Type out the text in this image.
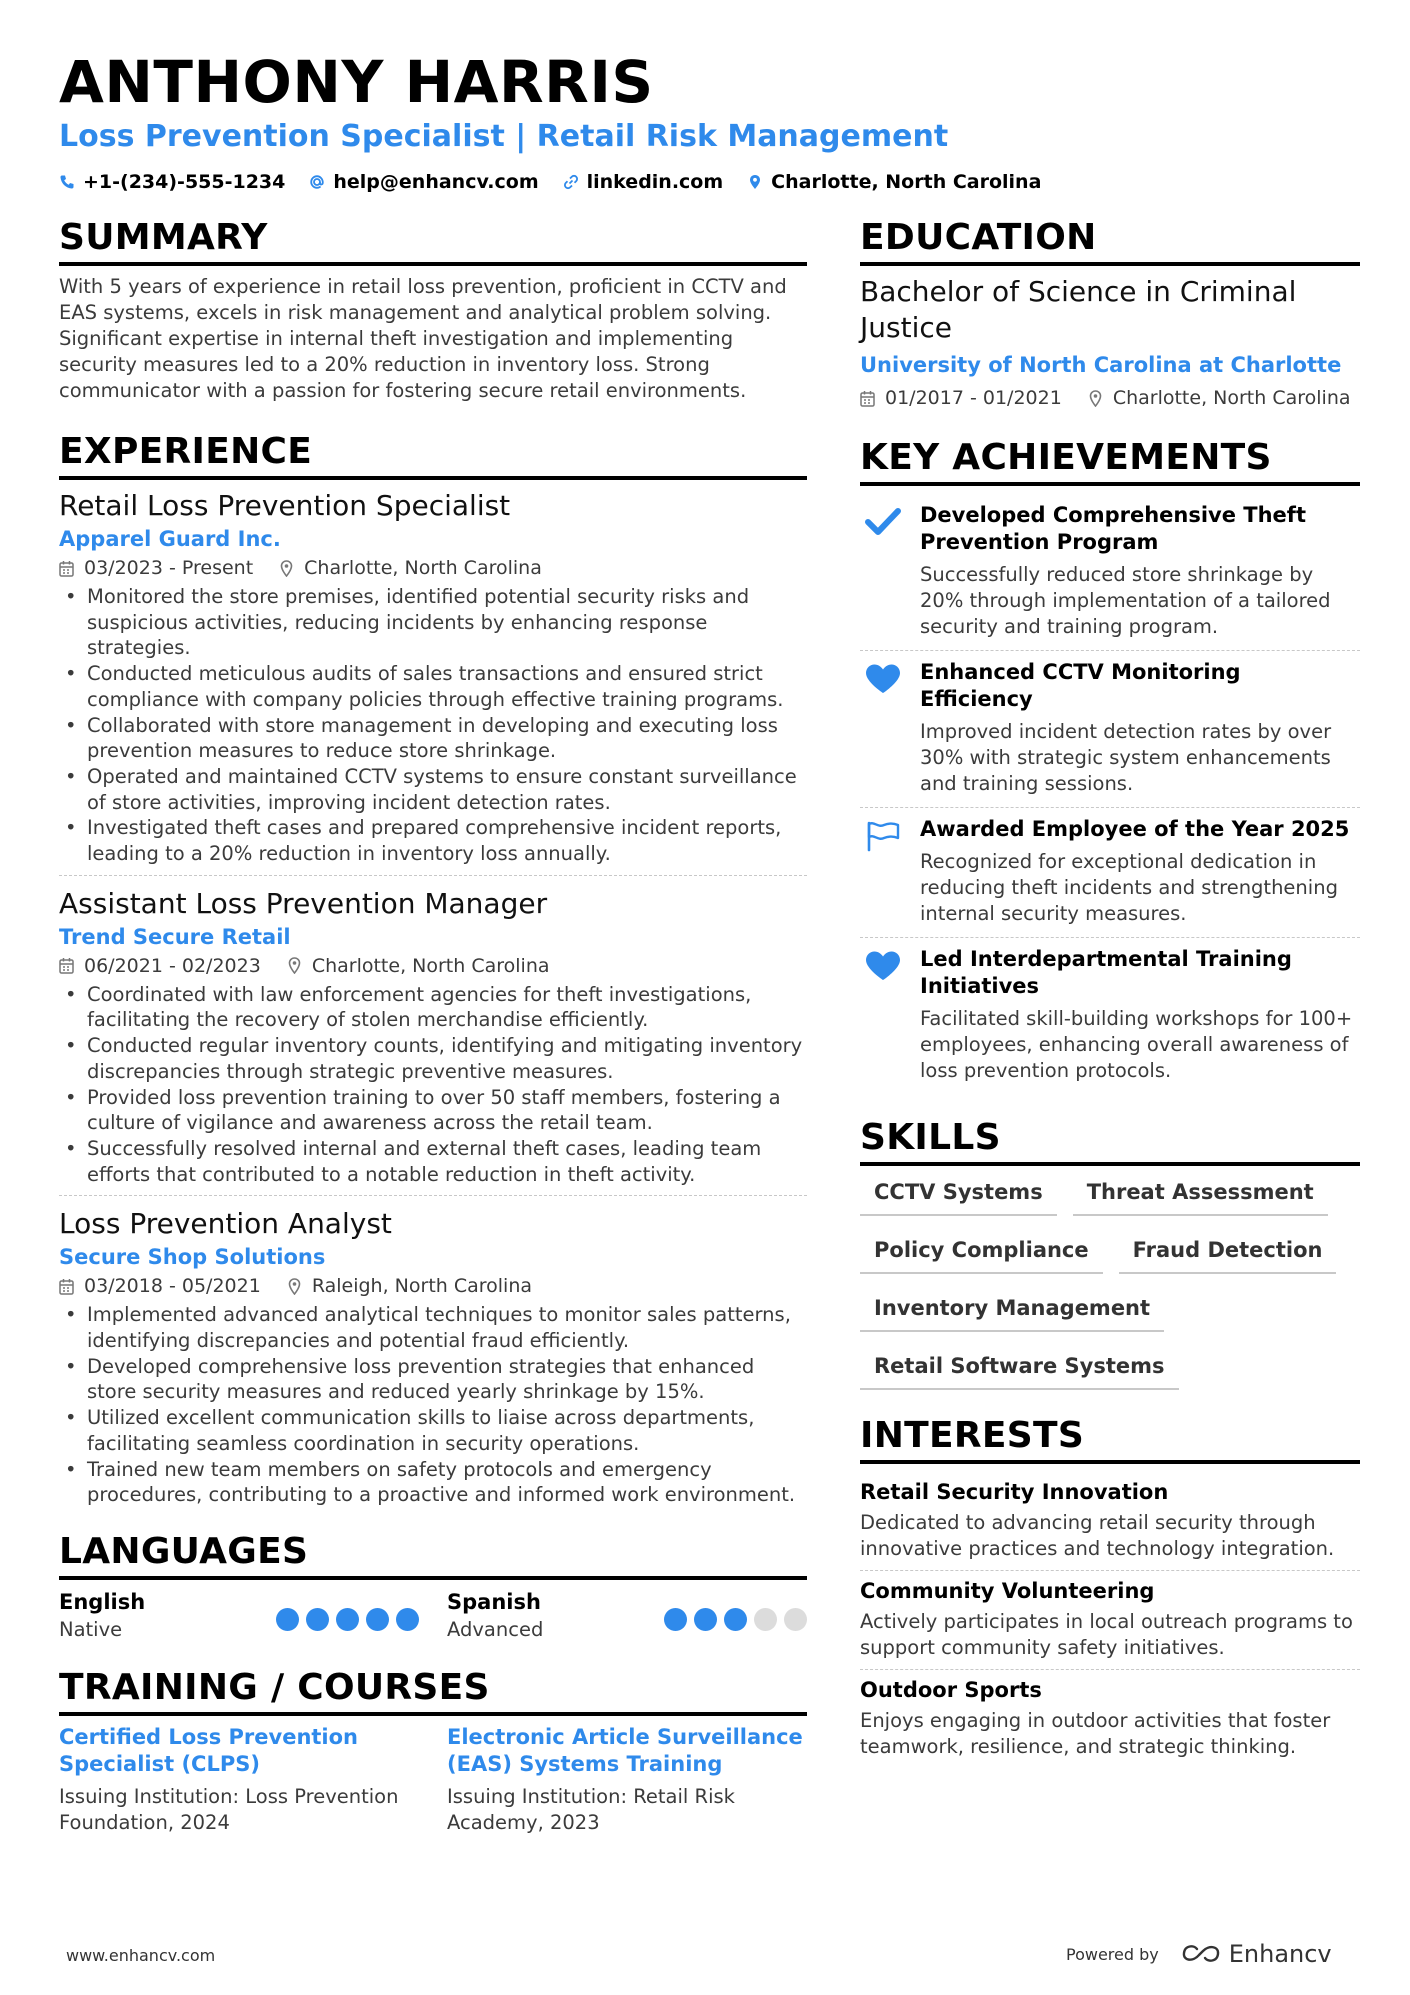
ANTHONY HARRIS
Loss Prevention Specialist | Retail Risk Management
+1-(234)-555-1234	help@enhancv.com	linkedin.com	Charlotte, North Carolina
SUMMARY
With 5 years of experience in retail loss prevention, proficient in CCTV and EAS systems, excels in risk management and analytical problem solving. Significant expertise in internal theft investigation and implementing security measures led to a 20% reduction in inventory loss. Strong communicator with a passion for fostering secure retail environments.
EXPERIENCE
Retail Loss Prevention Specialist
Apparel Guard Inc.
03/2023 - Present	Charlotte, North Carolina
• Monitored the store premises, identified potential security risks and suspicious activities, reducing incidents by enhancing response strategies.
• Conducted meticulous audits of sales transactions and ensured strict compliance with company policies through effective training programs.
• Collaborated with store management in developing and executing loss prevention measures to reduce store shrinkage.
• Operated and maintained CCTV systems to ensure constant surveillance of store activities, improving incident detection rates.
• Investigated theft cases and prepared comprehensive incident reports, leading to a 20% reduction in inventory loss annually.
Assistant Loss Prevention Manager
Trend Secure Retail
06/2021 - 02/2023	Charlotte, North Carolina
• Coordinated with law enforcement agencies for theft investigations, facilitating the recovery of stolen merchandise efficiently.
• Conducted regular inventory counts, identifying and mitigating inventory discrepancies through strategic preventive measures.
• Provided loss prevention training to over 50 staff members, fostering a culture of vigilance and awareness across the retail team.
• Successfully resolved internal and external theft cases, leading team efforts that contributed to a notable reduction in theft activity.
Loss Prevention Analyst
Secure Shop Solutions
03/2018 - 05/2021	Raleigh, North Carolina
• Implemented advanced analytical techniques to monitor sales patterns, identifying discrepancies and potential fraud efficiently.
• Developed comprehensive loss prevention strategies that enhanced store security measures and reduced yearly shrinkage by 15%.
• Utilized excellent communication skills to liaise across departments, facilitating seamless coordination in security operations.
• Trained new team members on safety protocols and emergency procedures, contributing to a proactive and informed work environment.
LANGUAGES
English
Native
Spanish
Advanced
TRAINING / COURSES
Certified Loss Prevention Specialist (CLPS)
Issuing Institution: Loss Prevention Foundation, 2024
Electronic Article Surveillance (EAS) Systems Training
Issuing Institution: Retail Risk Academy, 2023
EDUCATION
Bachelor of Science in Criminal Justice
University of North Carolina at Charlotte
01/2017 - 01/2021	Charlotte, North Carolina
KEY ACHIEVEMENTS
Developed Comprehensive Theft Prevention Program
Successfully reduced store shrinkage by 20% through implementation of a tailored security and training program.
Enhanced CCTV Monitoring Efficiency
Improved incident detection rates by over 30% with strategic system enhancements and training sessions.
Awarded Employee of the Year 2025
Recognized for exceptional dedication in reducing theft incidents and strengthening internal security measures.
Led Interdepartmental Training Initiatives
Facilitated skill-building workshops for 100+ employees, enhancing overall awareness of loss prevention protocols.
SKILLS
CCTV Systems	Threat Assessment
Policy Compliance	Fraud Detection
Inventory Management
Retail Software Systems
INTERESTS
Retail Security Innovation
Dedicated to advancing retail security through innovative practices and technology integration.
Community Volunteering
Actively participates in local outreach programs to support community safety initiatives.
Outdoor Sports
Enjoys engaging in outdoor activities that foster teamwork, resilience, and strategic thinking.
www.enhancv.com	Powered by	Enhancv
